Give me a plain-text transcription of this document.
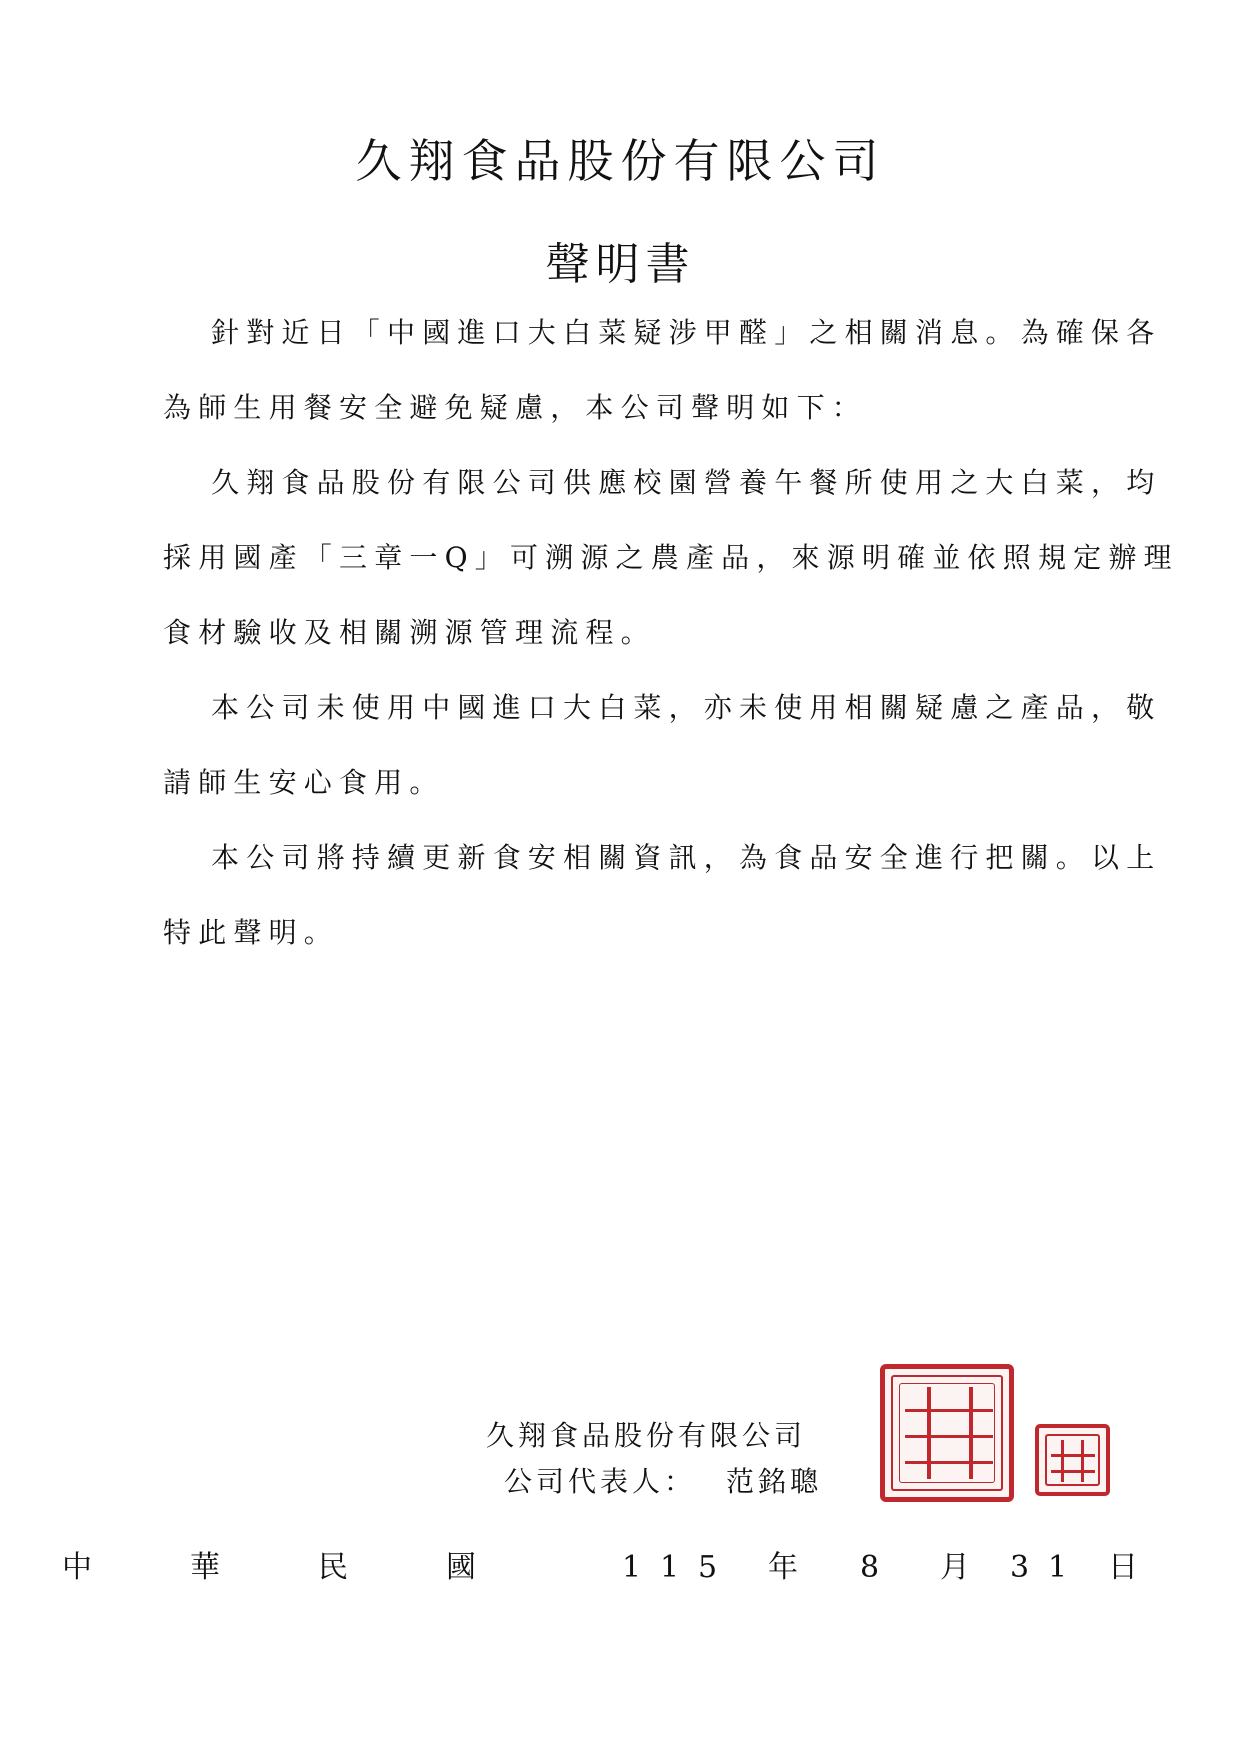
久翔食品股份有限公司
聲明書
針對近日「中國進口大白菜疑涉甲醛」之相關消息。為確保各
為師生用餐安全避免疑慮，本公司聲明如下：
久翔食品股份有限公司供應校園營養午餐所使用之大白菜，均
採用國產「三章一Q」可溯源之農產品，來源明確並依照規定辦理
食材驗收及相關溯源管理流程。
本公司未使用中國進口大白菜，亦未使用相關疑慮之產品，敬
請師生安心食用。
本公司將持續更新食安相關資訊，為食品安全進行把關。以上
特此聲明。
久翔食品股份有限公司
公司代表人： 范銘聰
中	華	民	國	1 1 5 年 8 月 3 1 日
